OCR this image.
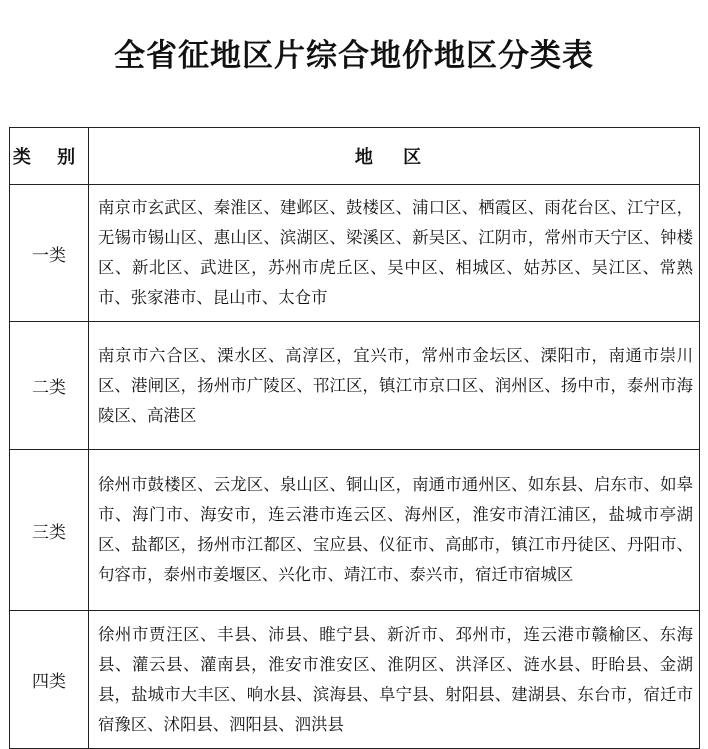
全省征地区片综合地价地区分类表
类 别	地 区
一类	南京市玄武区、秦淮区、建邺区、鼓楼区、浦口区、栖霞区、雨花台区、江宁区，无锡市锡山区、惠山区、滨湖区、梁溪区、新吴区、江阴市，常州市天宁区、钟楼区、新北区、武进区，苏州市虎丘区、吴中区、相城区、姑苏区、吴江区、常熟市、张家港市、昆山市、太仓市
二类	南京市六合区、溧水区、高淳区，宜兴市，常州市金坛区、溧阳市，南通市崇川区、港闸区，扬州市广陵区、邗江区，镇江市京口区、润州区、扬中市，泰州市海陵区、高港区
三类	徐州市鼓楼区、云龙区、泉山区、铜山区，南通市通州区、如东县、启东市、如皋市、海门市、海安市，连云港市连云区、海州区，淮安市清江浦区，盐城市亭湖区、盐都区，扬州市江都区、宝应县、仪征市、高邮市，镇江市丹徒区、丹阳市、句容市，泰州市姜堰区、兴化市、靖江市、泰兴市，宿迁市宿城区
四类	徐州市贾汪区、丰县、沛县、睢宁县、新沂市、邳州市，连云港市赣榆区、东海县、灌云县、灌南县，淮安市淮安区、淮阴区、洪泽区、涟水县、盱眙县、金湖县，盐城市大丰区、响水县、滨海县、阜宁县、射阳县、建湖县、东台市，宿迁市宿豫区、沭阳县、泗阳县、泗洪县
